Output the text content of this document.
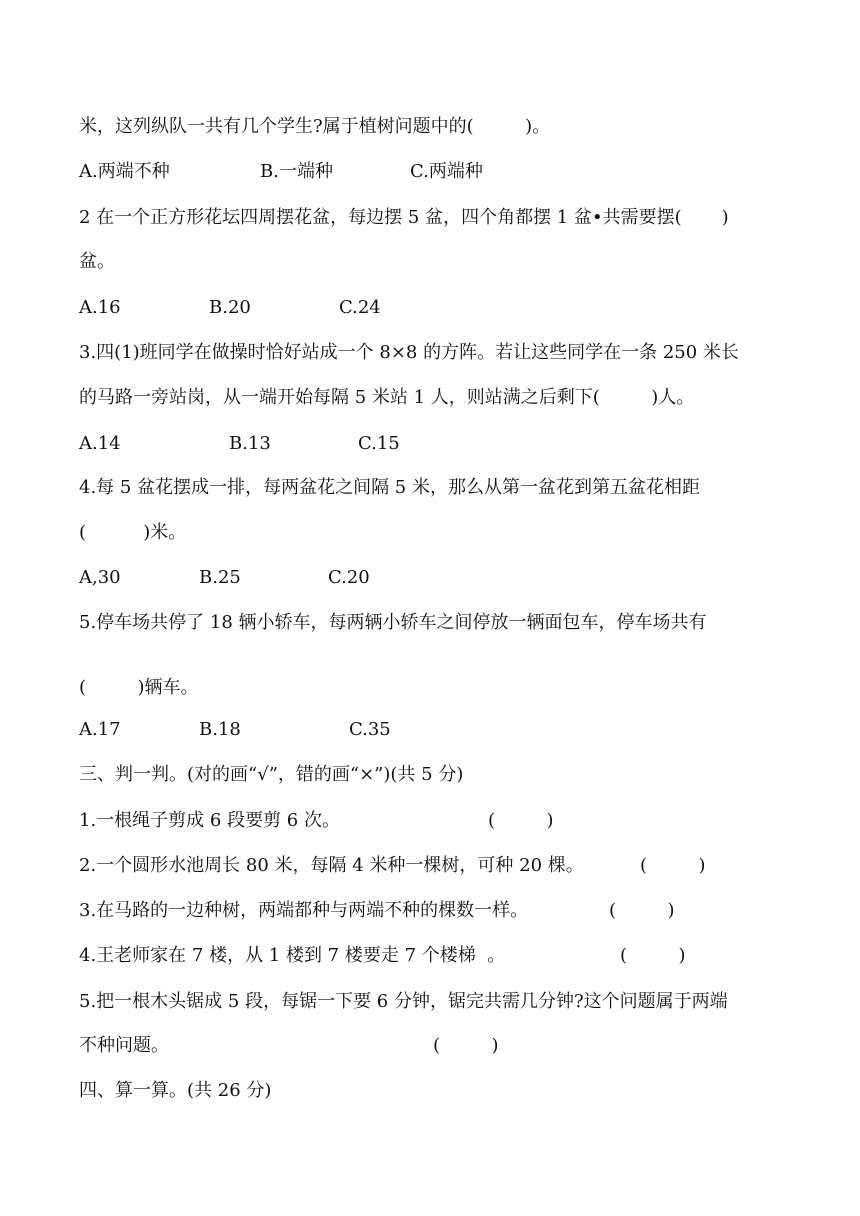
米，这列纵队一共有几个学生?属于植树问题中的(         )。
A.两端不种	B.一端种	C.两端种
2 在一个正方形花坛四周摆花盆，每边摆 5 盆，四个角都摆 1 盆•共需要摆(       )
盆。
A.16	B.20	C.24
3.四(1)班同学在做操时恰好站成一个 8×8 的方阵。若让这些同学在一条 250 米长
的马路一旁站岗，从一端开始每隔 5 米站 1 人，则站满之后剩下(         )人。
A.14	B.13	C.15
4.每 5 盆花摆成一排，每两盆花之间隔 5 米，那么从第一盆花到第五盆花相距
(          )米。
A,30	B.25	C.20
5.停车场共停了 18 辆小轿车，每两辆小轿车之间停放一辆面包车，停车场共有
(         )辆车。
A.17	B.18	C.35
三、判一判。(对的画“√”，错的画“×”)(共 5 分)
1.一根绳子剪成 6 段要剪 6 次。	(         )
2.一个圆形水池周长 80 米，每隔 4 米种一棵树，可种 20 棵。	(         )
3.在马路的一边种树，两端都种与两端不种的棵数一样。	(         )
4.王老师家在 7 楼，从 1 楼到 7 楼要走 7 个楼梯  。	(         )
5.把一根木头锯成 5 段，每锯一下要 6 分钟，锯完共需几分钟?这个问题属于两端
不种问题。	(         )
四、算一算。(共 26 分)
